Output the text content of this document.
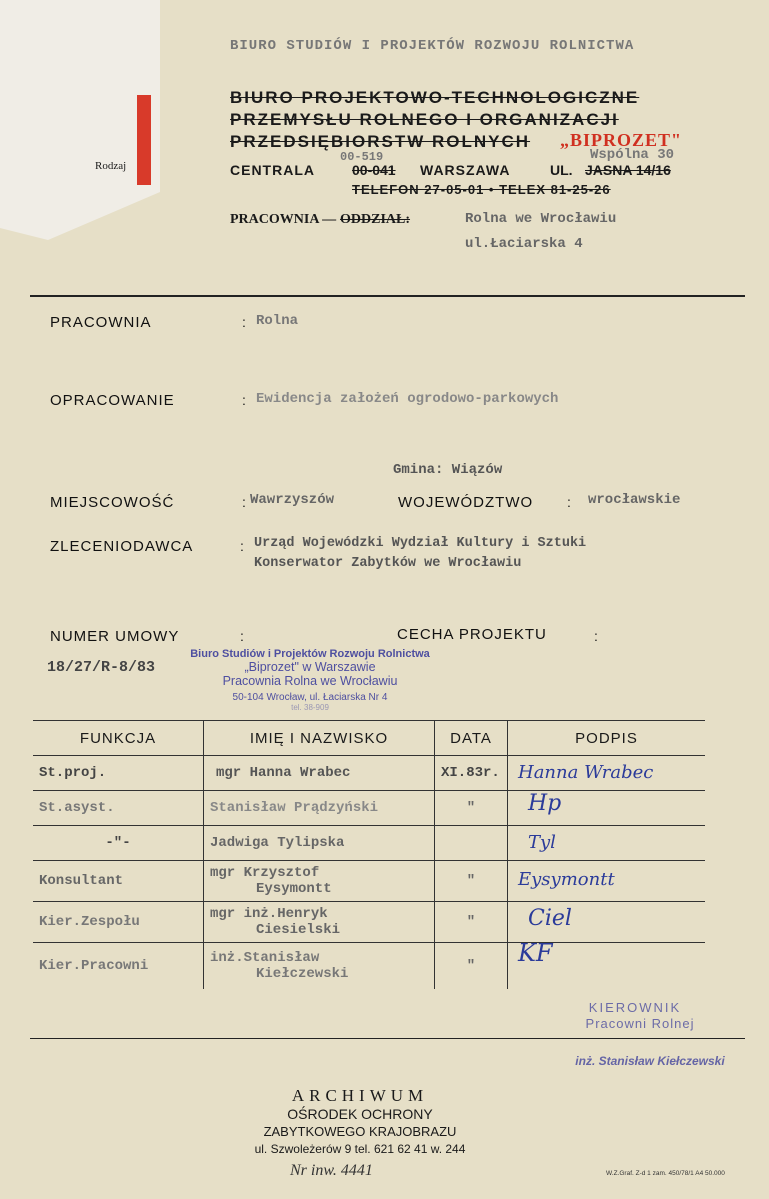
Rodzaj
BIURO STUDIÓW I PROJEKTÓW ROZWOJU ROLNICTWA
BIURO PROJEKTOWO-TECHNOLOGICZNE
PRZEMYSŁU ROLNEGO I ORGANIZACJI
PRZEDSIĘBIORSTW ROLNYCH „BIPROZET"
CENTRALA
00-519
00-041 WARSZAWA	UL.
Wspólna 30
JASNA 14/16
TELEFON 27-05-01 • TELEX 81-25-26
PRACOWNIA — ODDZIAŁ:	Rolna we Wrocławiu
ul.Łaciarska 4
PRACOWNIA	: Rolna
OPRACOWANIE	: Ewidencja założeń ogrodowo-parkowych
Gmina: Wiązów
MIEJSCOWOŚĆ	: Wawrzyszów	WOJEWÓDZTWO : wrocławskie
ZLECENIODAWCA	: Urząd Wojewódzki Wydział Kultury i Sztuki
Konserwator Zabytków we Wrocławiu
NUMER UMOWY	:
18/27/R-8/83
CECHA PROJEKTU	:
Biuro Studiów i Projektów Rozwoju Rolnictwa
„Biprozet" w Warszawie
Pracownia Rolna we Wrocławiu
50-104 Wrocław, ul. Łaciarska Nr 4
tel. 38-909
FUNKCJA	IMIĘ I NAZWISKO	DATA	PODPIS
St.proj.	mgr Hanna Wrabec	XI.83r.	Hanna Wrabec

St.asyst.	Stanisław Prądzyński	"	Hp

-"-	Jadwiga Tylipska		Tyl

Konsultant	mgr Krzysztof
Eysymontt	"	Eysymontt

Kier.Zespołu	mgr inż.Henryk
Ciesielski	"	Ciel

Kier.Pracowni	inż.Stanisław
Kiełczewski	"	KF
KIEROWNIK
Pracowni Rolnej
inż. Stanisław Kiełczewski
ARCHIWUM
OŚRODEK OCHRONY
ZABYTKOWEGO KRAJOBRAZU
ul. Szwoleżerów 9 tel. 621 62 41 w. 244
Nr inw. 4441	W.Z.Graf. Z-d 1 zam. 450/78/1 A4 50.000
